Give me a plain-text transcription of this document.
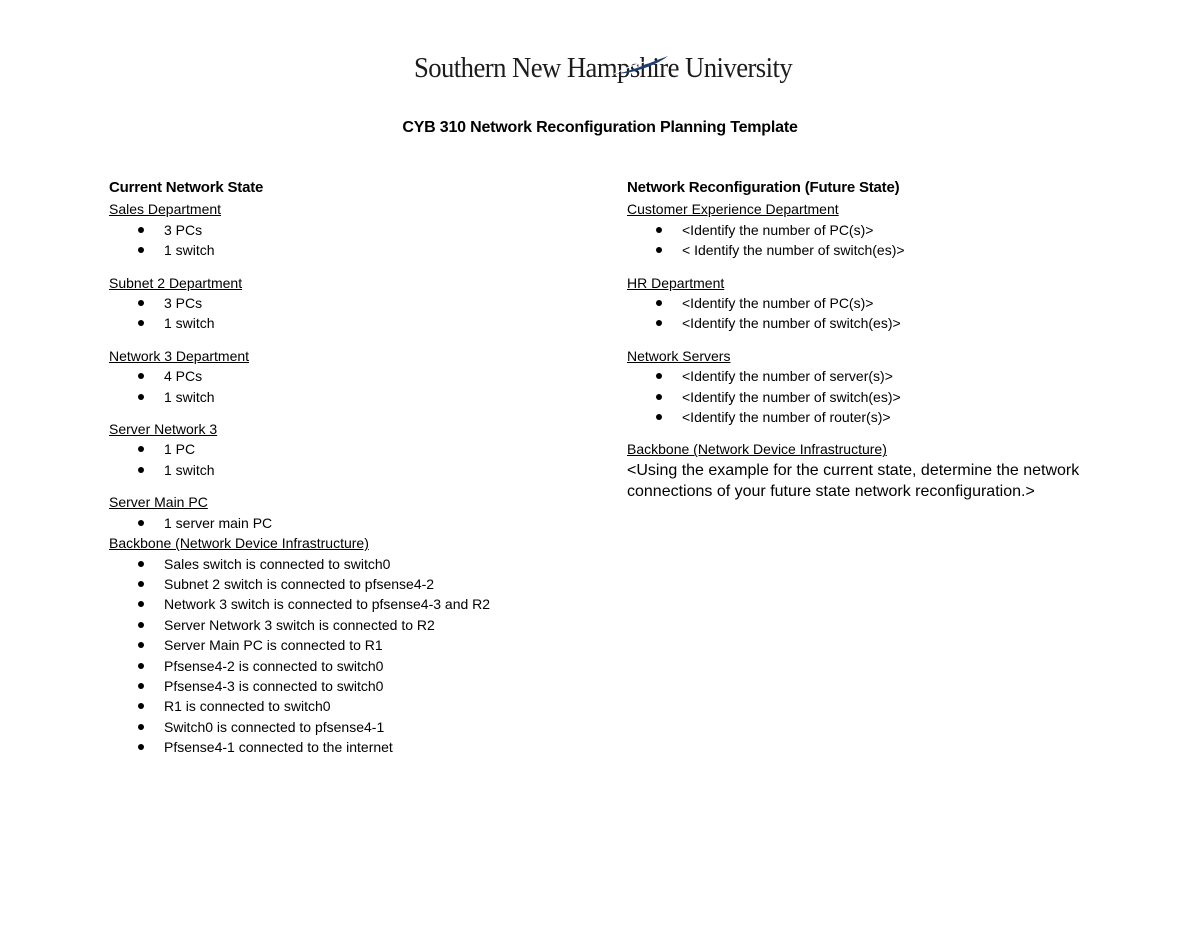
Southern New Hampshire University
CYB 310 Network Reconfiguration Planning Template
Current Network State
Sales Department
3 PCs
1 switch
Subnet 2 Department
3 PCs
1 switch
Network 3 Department
4 PCs
1 switch
Server Network 3
1 PC
1 switch
Server Main PC
1 server main PC
Backbone (Network Device Infrastructure)
Sales switch is connected to switch0
Subnet 2 switch is connected to pfsense4-2
Network 3 switch is connected to pfsense4-3 and R2
Server Network 3 switch is connected to R2
Server Main PC is connected to R1
Pfsense4-2 is connected to switch0
Pfsense4-3 is connected to switch0
R1 is connected to switch0
Switch0 is connected to pfsense4-1
Pfsense4-1 connected to the internet
Network Reconfiguration (Future State)
Customer Experience Department
<Identify the number of PC(s)>
< Identify the number of switch(es)>
HR Department
<Identify the number of PC(s)>
<Identify the number of switch(es)>
Network Servers
<Identify the number of server(s)>
<Identify the number of switch(es)>
<Identify the number of router(s)>
Backbone (Network Device Infrastructure)
<Using the example for the current state, determine the network connections of your future state network reconfiguration.>
